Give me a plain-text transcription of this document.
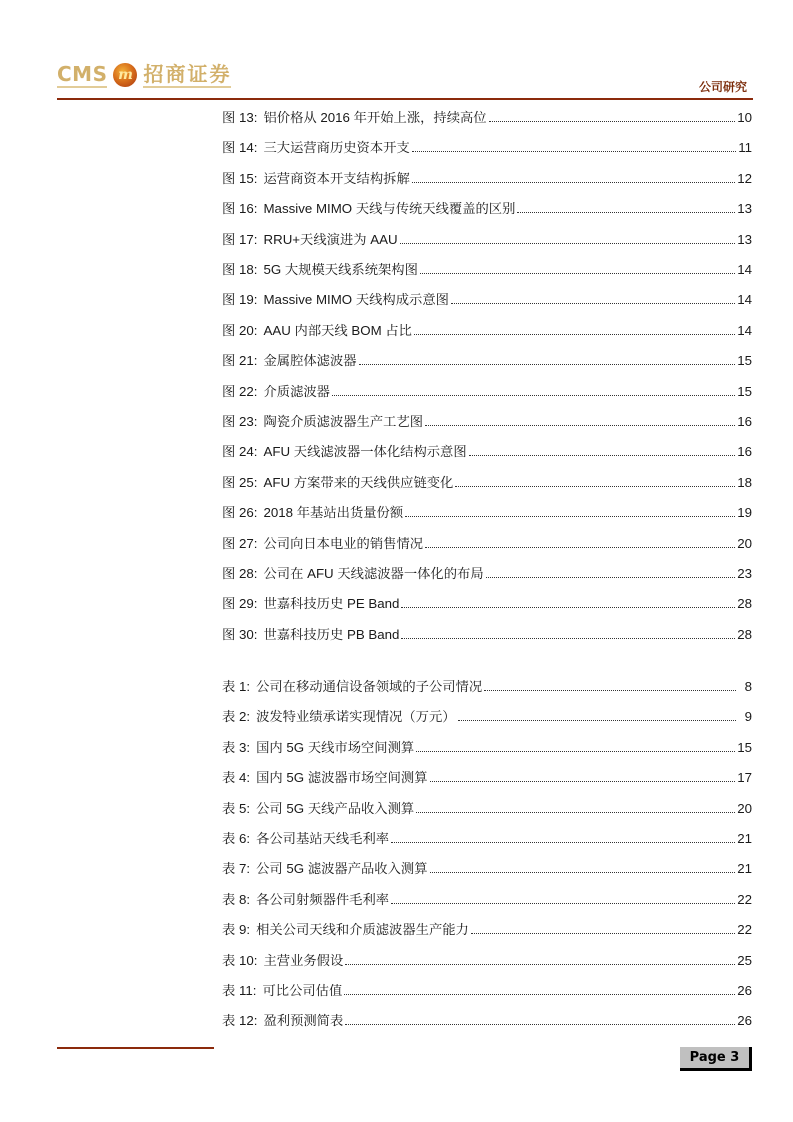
CMS m 招商证券
公司研究
图 13: 铝价格从 2016 年开始上涨，持续高位	10
图 14: 三大运营商历史资本开支	11
图 15: 运营商资本开支结构拆解	12
图 16: Massive MIMO 天线与传统天线覆盖的区别	13
图 17: RRU+天线演进为 AAU	13
图 18: 5G 大规模天线系统架构图	14
图 19: Massive MIMO 天线构成示意图	14
图 20: AAU 内部天线 BOM 占比	14
图 21: 金属腔体滤波器	15
图 22: 介质滤波器	15
图 23: 陶瓷介质滤波器生产工艺图	16
图 24: AFU 天线滤波器一体化结构示意图	16
图 25: AFU 方案带来的天线供应链变化	18
图 26: 2018 年基站出货量份额	19
图 27: 公司向日本电业的销售情况	20
图 28: 公司在 AFU 天线滤波器一体化的布局	23
图 29: 世嘉科技历史 PE Band	28
图 30: 世嘉科技历史 PB Band	28
表 1: 公司在移动通信设备领域的子公司情况	8
表 2: 波发特业绩承诺实现情况（万元）	9
表 3: 国内 5G 天线市场空间测算	15
表 4: 国内 5G 滤波器市场空间测算	17
表 5: 公司 5G 天线产品收入测算	20
表 6: 各公司基站天线毛利率	21
表 7: 公司 5G 滤波器产品收入测算	21
表 8: 各公司射频器件毛利率	22
表 9: 相关公司天线和介质滤波器生产能力	22
表 10: 主营业务假设	25
表 11: 可比公司估值	26
表 12: 盈利预测简表	26
Page 3
